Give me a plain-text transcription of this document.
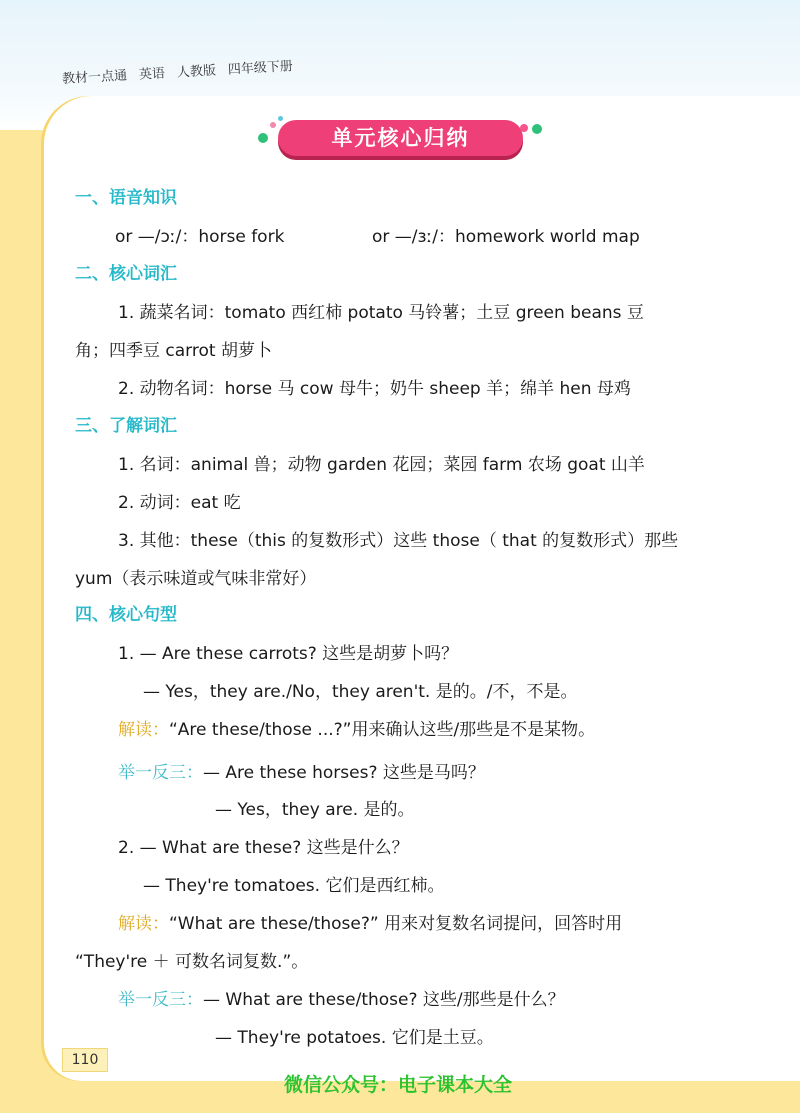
教材一点通 英语 人教版 四年级下册
单元核心归纳
一、语音知识
or —/ɔː/：horse fork	or —/ɜː/：homework world map
二、核心词汇
1. 蔬菜名词：tomato 西红柿 potato 马铃薯；土豆 green beans 豆
角；四季豆 carrot 胡萝卜
2. 动物名词：horse 马 cow 母牛；奶牛 sheep 羊；绵羊 hen 母鸡
三、了解词汇
1. 名词：animal 兽；动物 garden 花园；菜园 farm 农场 goat 山羊
2. 动词：eat 吃
3. 其他：these（this 的复数形式）这些 those（ that 的复数形式）那些
yum（表示味道或气味非常好）
四、核心句型
1. — Are these carrots? 这些是胡萝卜吗？
— Yes，they are./No，they aren't. 是的。/不，不是。
解读：“Are these/those ...?”用来确认这些/那些是不是某物。
举一反三：— Are these horses? 这些是马吗？
— Yes，they are. 是的。
2. — What are these? 这些是什么？
— They're tomatoes. 它们是西红柿。
解读：“What are these/those?” 用来对复数名词提问，回答时用
“They're ＋ 可数名词复数.”。
举一反三：— What are these/those? 这些/那些是什么？
— They're potatoes. 它们是土豆。
110
微信公众号：电子课本大全
